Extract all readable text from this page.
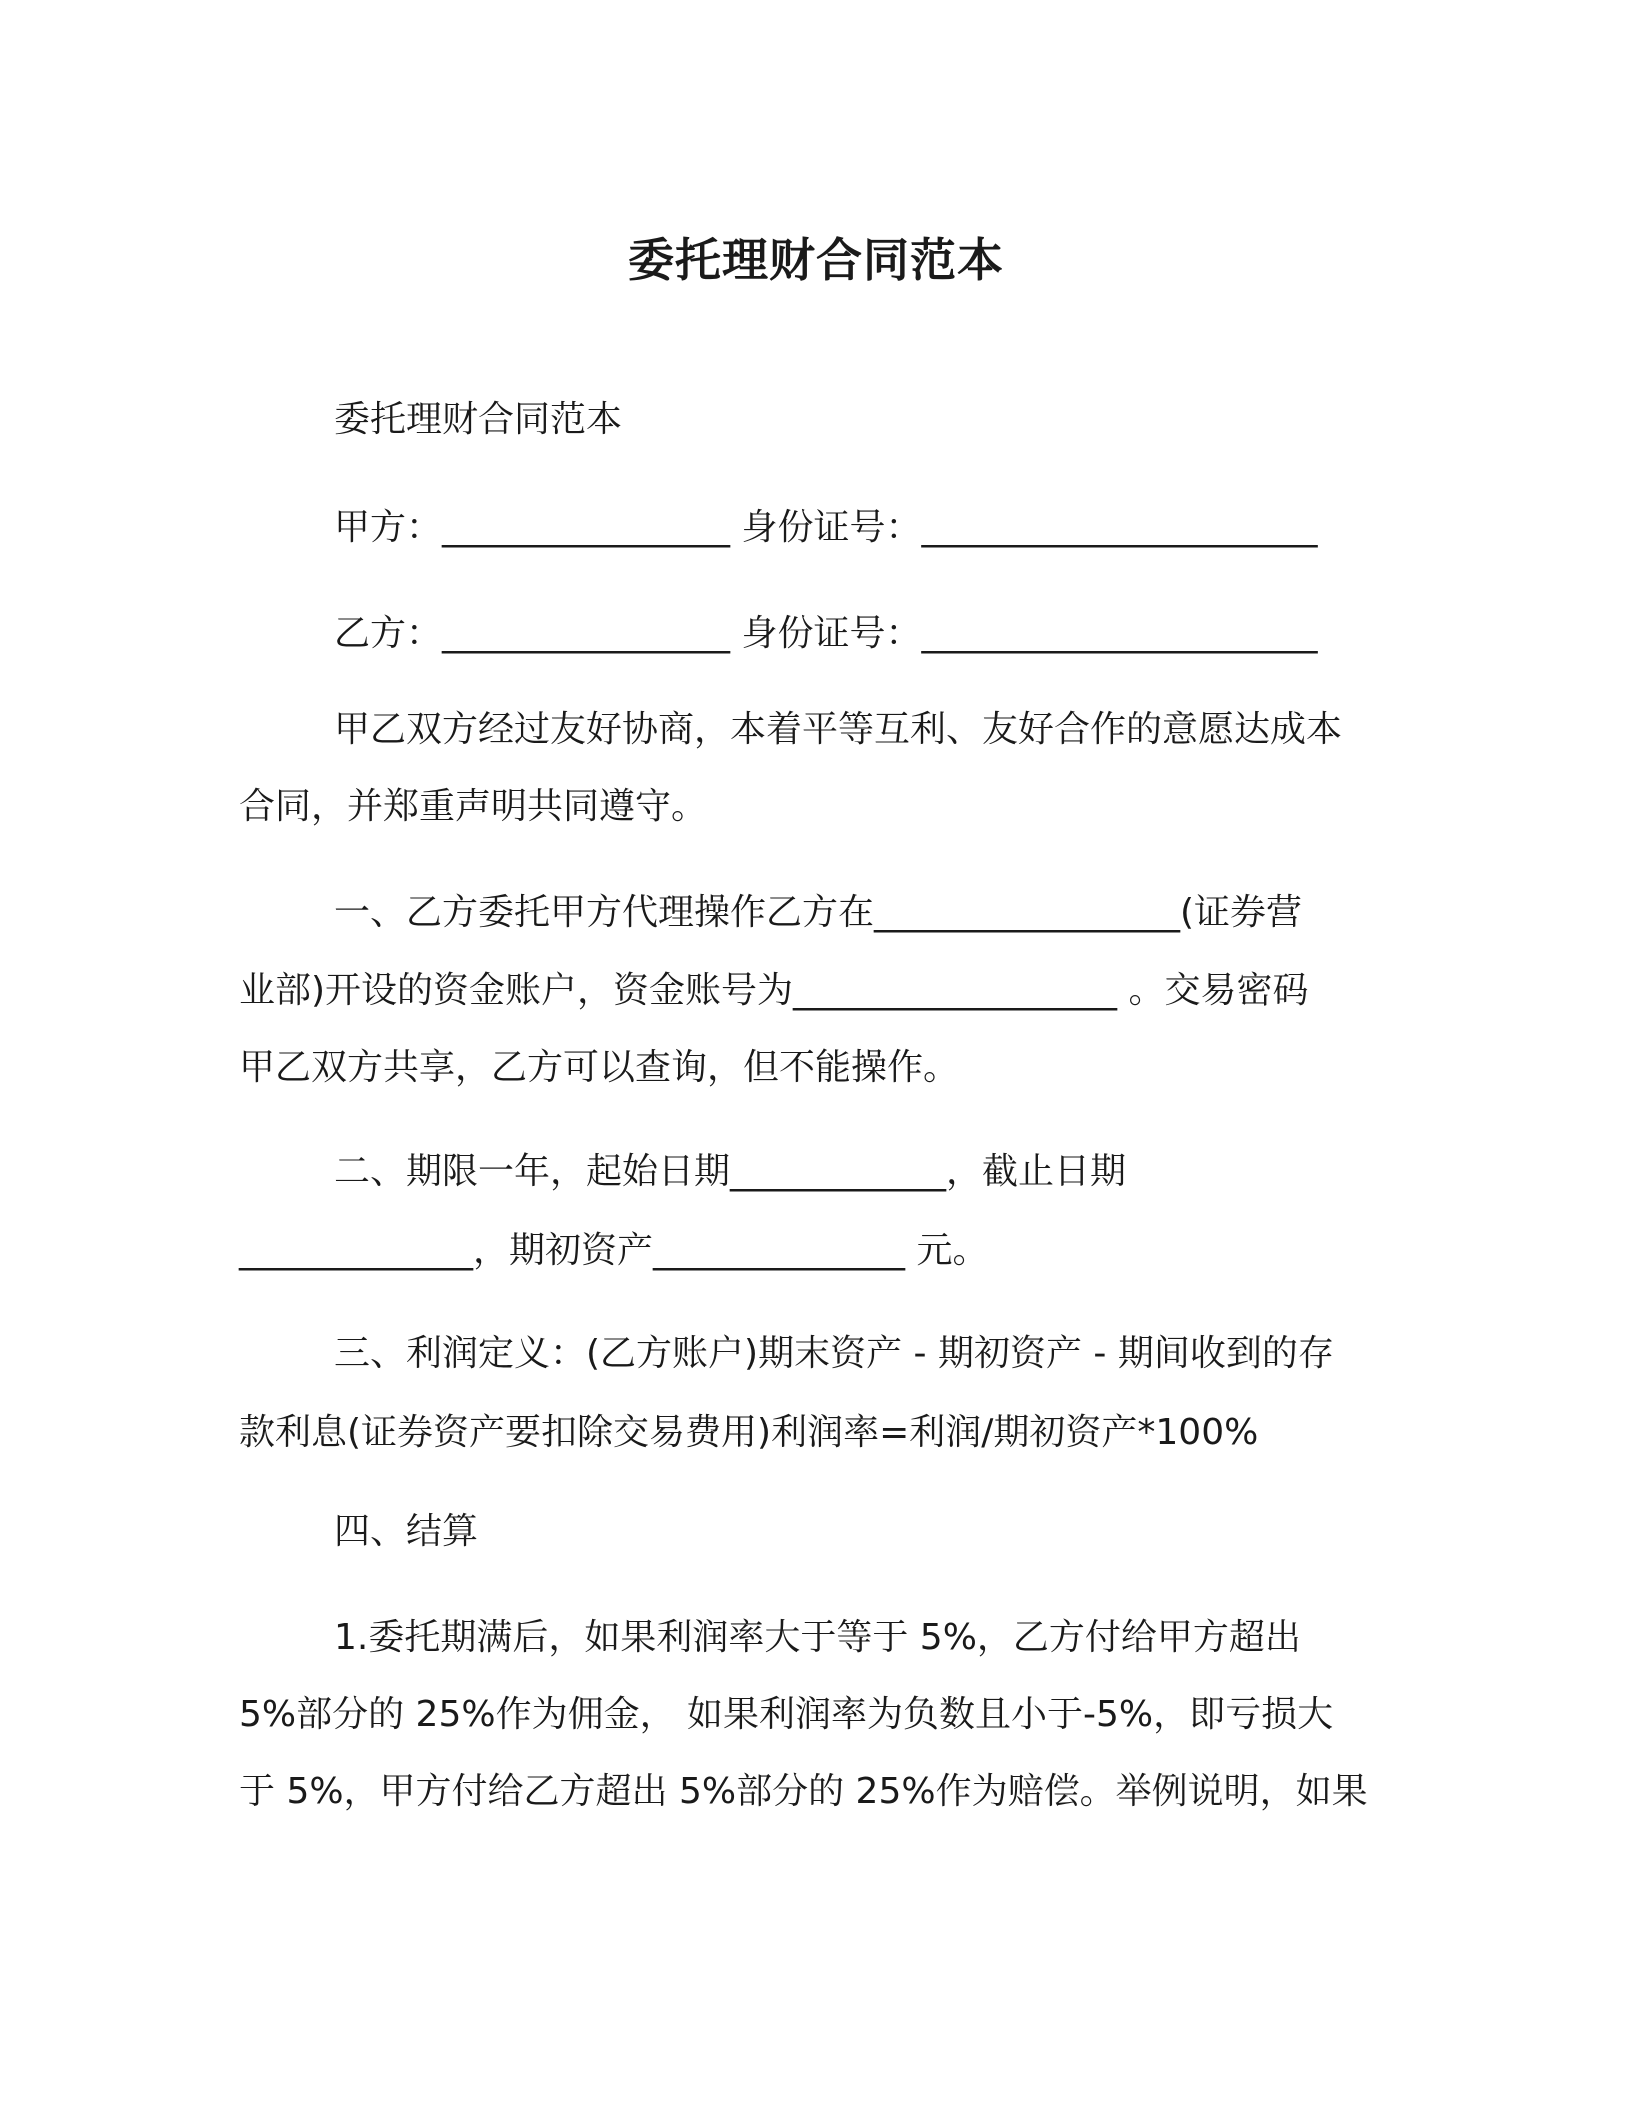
委托理财合同范本

委托理财合同范本

甲方：________________ 身份证号：______________________

乙方：________________ 身份证号：______________________

甲乙双方经过友好协商，本着平等互利、友好合作的意愿达成本

合同，并郑重声明共同遵守。

一、乙方委托甲方代理操作乙方在_________________(证券营

业部)开设的资金账户，资金账号为__________________ 。交易密码

甲乙双方共享，乙方可以查询，但不能操作。

二、期限一年，起始日期____________，截止日期

_____________，期初资产______________ 元。

三、利润定义：(乙方账户)期末资产 - 期初资产 - 期间收到的存

款利息(证券资产要扣除交易费用)利润率=利润/期初资产*100%

四、结算

1.委托期满后，如果利润率大于等于 5%，乙方付给甲方超出

5%部分的 25%作为佣金， 如果利润率为负数且小于-5%，即亏损大

于 5%，甲方付给乙方超出 5%部分的 25%作为赔偿。举例说明，如果
